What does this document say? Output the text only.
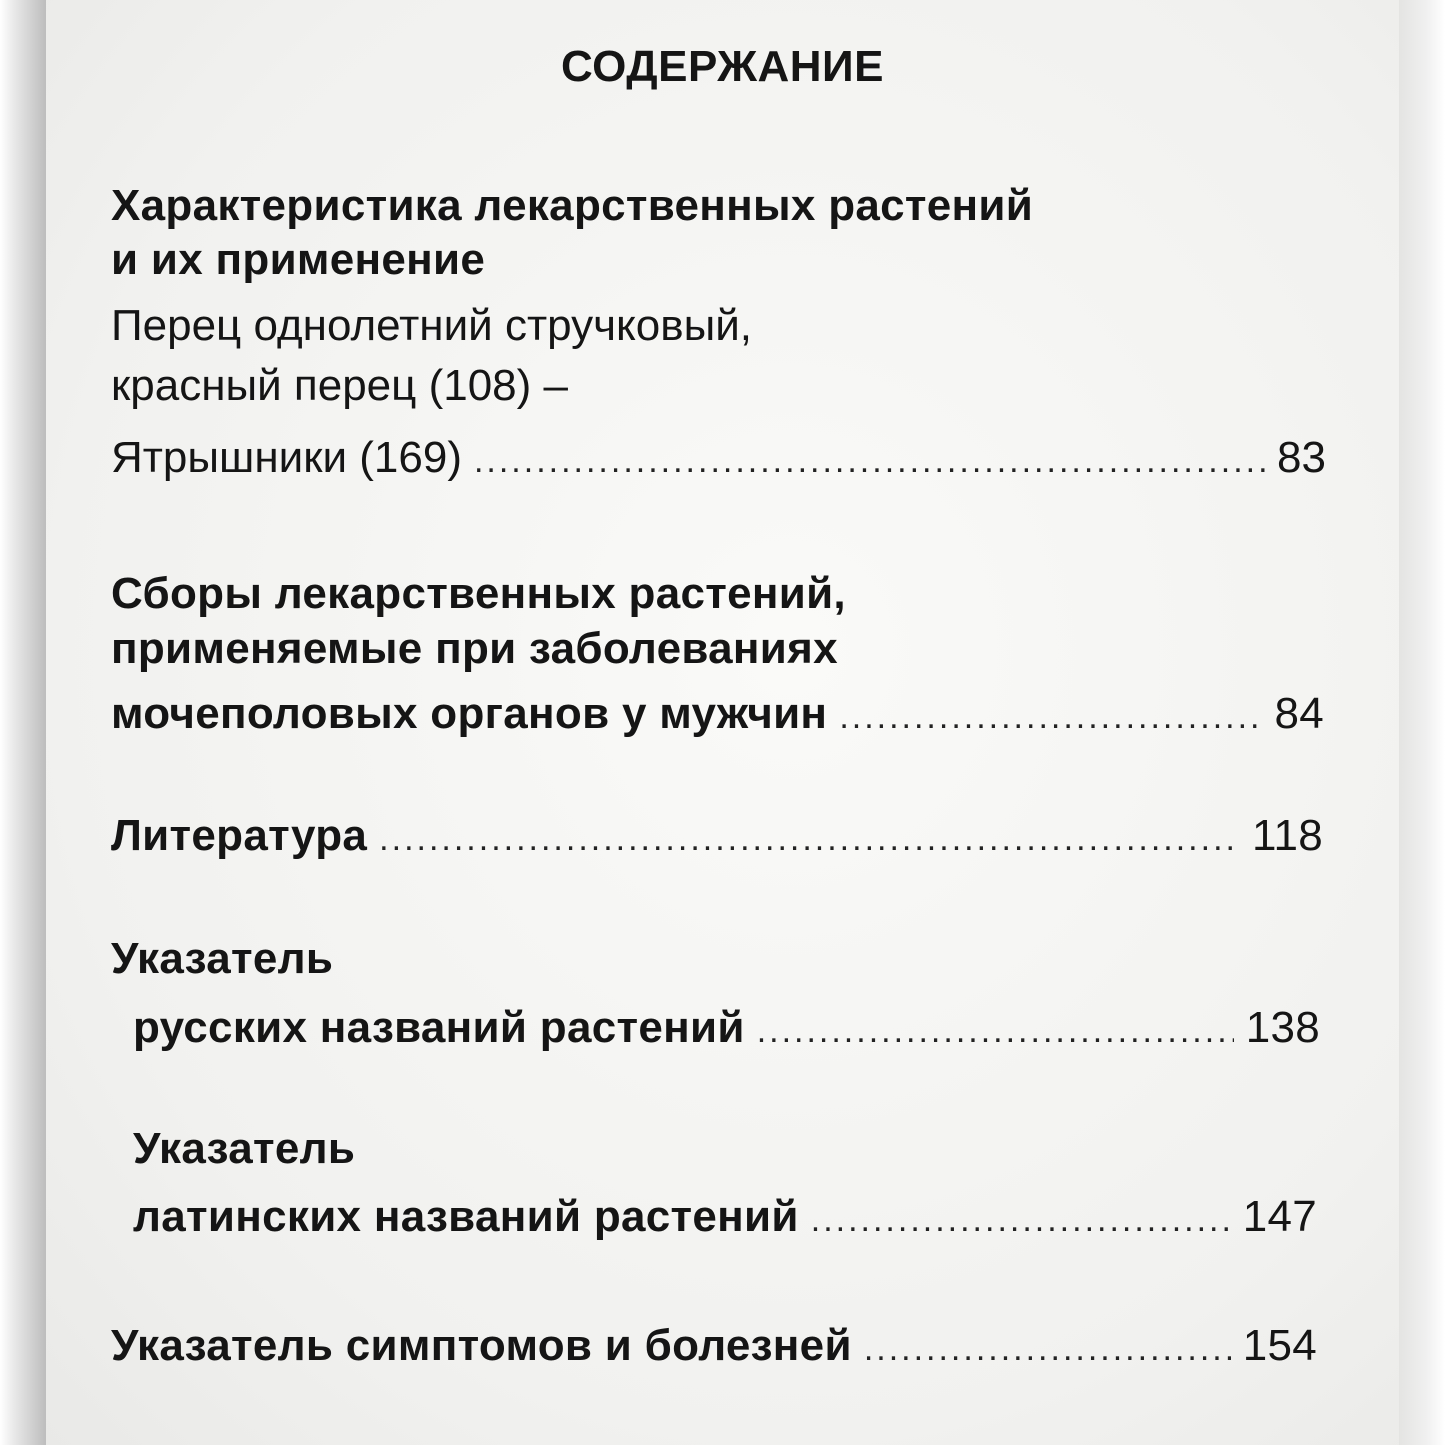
СОДЕРЖАНИЕ
Характеристика лекарственных растений
и их применение
Перец однолетний стручковый,
красный перец (108) –
Ятрышники (169) .....	83
Сборы лекарственных растений,
применяемые при заболеваниях
мочеполовых органов у мужчин .....	84
Литература .....	118
Указатель
русских названий растений .....	138
Указатель
латинских названий растений .....	147
Указатель симптомов и болезней .....	154
